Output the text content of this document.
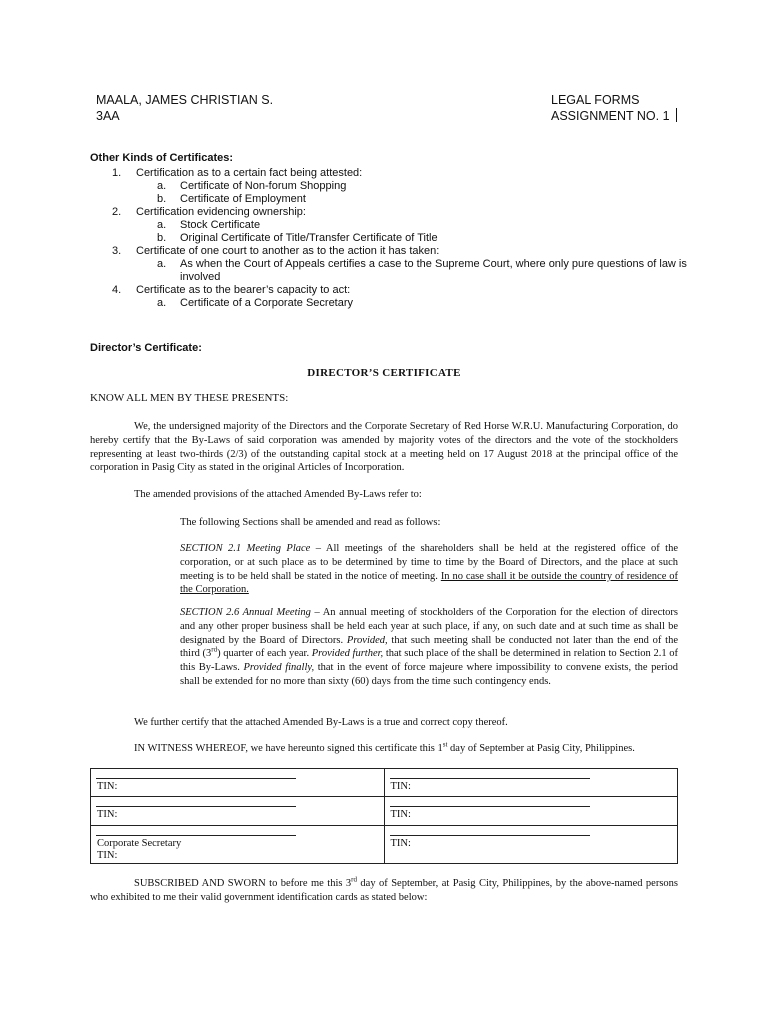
MAALA, JAMES CHRISTIAN S.
3AA
LEGAL FORMS
ASSIGNMENT NO. 1
Other Kinds of Certificates:
1. Certification as to a certain fact being attested:
a. Certificate of Non-forum Shopping
b. Certificate of Employment
2. Certification evidencing ownership:
a. Stock Certificate
b. Original Certificate of Title/Transfer Certificate of Title
3. Certificate of one court to another as to the action it has taken:
a. As when the Court of Appeals certifies a case to the Supreme Court, where only pure questions of law is involved
4. Certificate as to the bearer’s capacity to act:
a. Certificate of a Corporate Secretary
Director’s Certificate:
DIRECTOR’S CERTIFICATE
KNOW ALL MEN BY THESE PRESENTS:
We, the undersigned majority of the Directors and the Corporate Secretary of Red Horse W.R.U. Manufacturing Corporation, do hereby certify that the By-Laws of said corporation was amended by majority votes of the directors and the vote of the stockholders representing at least two-thirds (2/3) of the outstanding capital stock at a meeting held on 17 August 2018 at the principal office of the corporation in Pasig City as stated in the original Articles of Incorporation.
The amended provisions of the attached Amended By-Laws refer to:
The following Sections shall be amended and read as follows:
SECTION 2.1 Meeting Place – All meetings of the shareholders shall be held at the registered office of the corporation, or at such place as to be determined by time to time by the Board of Directors, and the place at such meeting is to be held shall be stated in the notice of meeting. In no case shall it be outside the country of residence of the Corporation.
SECTION 2.6 Annual Meeting – An annual meeting of stockholders of the Corporation for the election of directors and any other proper business shall be held each year at such place, if any, on such date and at such time as shall be designated by the Board of Directors. Provided, that such meeting shall be conducted not later than the end of the third (3rd) quarter of each year. Provided further, that such place of the shall be determined in relation to Section 2.1 of this By-Laws. Provided finally, that in the event of force majeure where impossibility to convene exists, the period shall be extended for no more than sixty (60) days from the time such contingency ends.
We further certify that the attached Amended By-Laws is a true and correct copy thereof.
IN WITNESS WHEREOF, we have hereunto signed this certificate this 1st day of September at Pasig City, Philippines.
TIN:	TIN:

TIN:	TIN:

Corporate Secretary
TIN:	TIN:
SUBSCRIBED AND SWORN to before me this 3rd day of September, at Pasig City, Philippines, by the above-named persons who exhibited to me their valid government identification cards as stated below:
